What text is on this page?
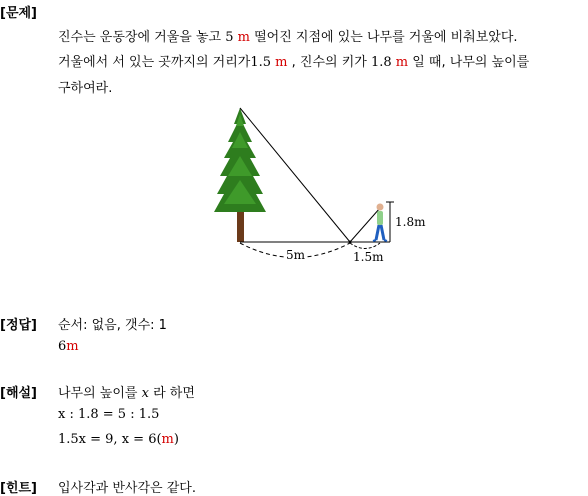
[문제]
진수는 운동장에 거울을 놓고 5 m 떨어진 지점에 있는 나무를 거울에 비춰보았다.
거울에서 서 있는 곳까지의 거리가1.5 m , 진수의 키가 1.8 m 일 때, 나무의 높이를
구하여라.
1.8m
5m	1.5m
[정답] 순서: 없음, 갯수: 1
6m
[해설] 나무의 높이를 x 라 하면
x : 1.8 = 5 : 1.5
1.5x = 9, x = 6(m)
[힌트] 입사각과 반사각은 같다.
